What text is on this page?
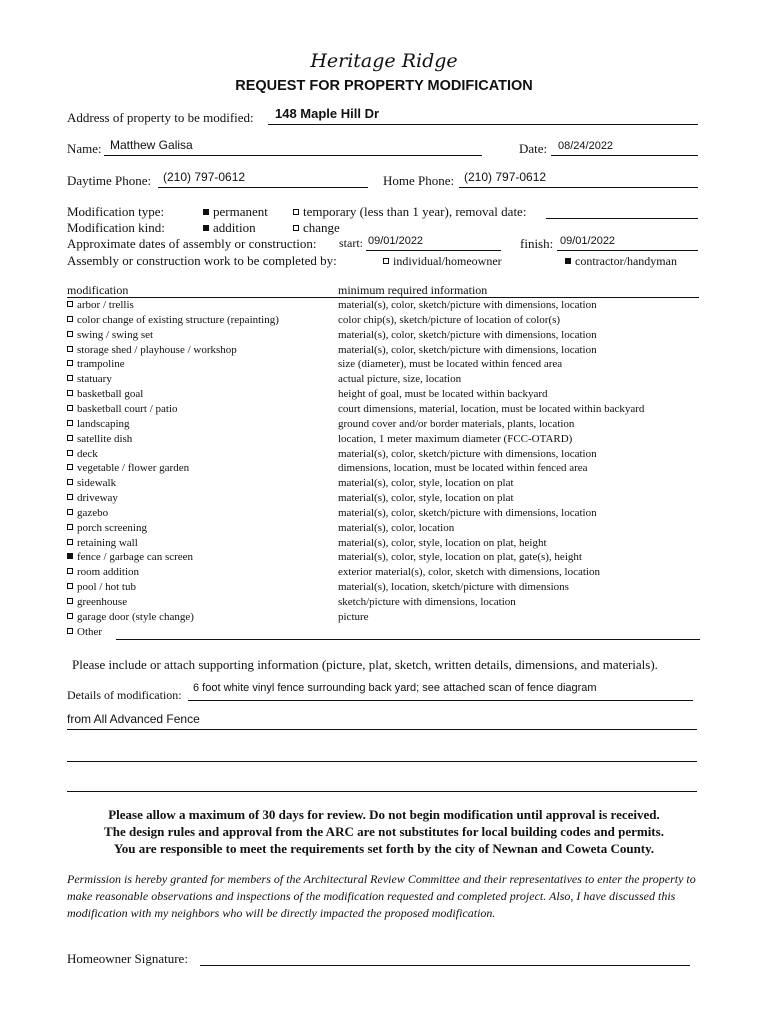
Heritage Ridge
REQUEST FOR PROPERTY MODIFICATION
Address of property to be modified: 148 Maple Hill Dr
Name: Matthew Galisa	Date: 08/24/2022
Daytime Phone: (210) 797-0612	Home Phone: (210) 797-0612
Modification type:	permanent	temporary (less than 1 year), removal date:
Modification kind:	addition	change
Approximate dates of assembly or construction: start: 09/01/2022	finish: 09/01/2022
Assembly or construction work to be completed by:	individual/homeowner	contractor/handyman
modification	minimum required information
arbor / trellis	material(s), color, sketch/picture with dimensions, location
color change of existing structure (repainting)	color chip(s), sketch/picture of location of color(s)
swing / swing set	material(s), color, sketch/picture with dimensions, location
storage shed / playhouse / workshop	material(s), color, sketch/picture with dimensions, location
trampoline	size (diameter), must be located within fenced area
statuary	actual picture, size, location
basketball goal	height of goal, must be located within backyard
basketball court / patio	court dimensions, material, location, must be located within backyard
landscaping	ground cover and/or border materials, plants, location
satellite dish	location, 1 meter maximum diameter (FCC-OTARD)
deck	material(s), color, sketch/picture with dimensions, location
vegetable / flower garden	dimensions, location, must be located within fenced area
sidewalk	material(s), color, style, location on plat
driveway	material(s), color, style, location on plat
gazebo	material(s), color, sketch/picture with dimensions, location
porch screening	material(s), color, location
retaining wall	material(s), color, style, location on plat, height
fence / garbage can screen	material(s), color, style, location on plat, gate(s), height
room addition	exterior material(s), color, sketch with dimensions, location
pool / hot tub	material(s), location, sketch/picture with dimensions
greenhouse	sketch/picture with dimensions, location
garage door (style change)	picture
Other
Please include or attach supporting information (picture, plat, sketch, written details, dimensions, and materials).
Details of modification: 6 foot white vinyl fence surrounding back yard; see attached scan of fence diagram
from All Advanced Fence
Please allow a maximum of 30 days for review. Do not begin modification until approval is received.
The design rules and approval from the ARC are not substitutes for local building codes and permits.
You are responsible to meet the requirements set forth by the city of Newnan and Coweta County.
Permission is hereby granted for members of the Architectural Review Committee and their representatives to enter the property to make reasonable observations and inspections of the modification requested and completed project. Also, I have discussed this modification with my neighbors who will be directly impacted the proposed modification.
Homeowner Signature:
